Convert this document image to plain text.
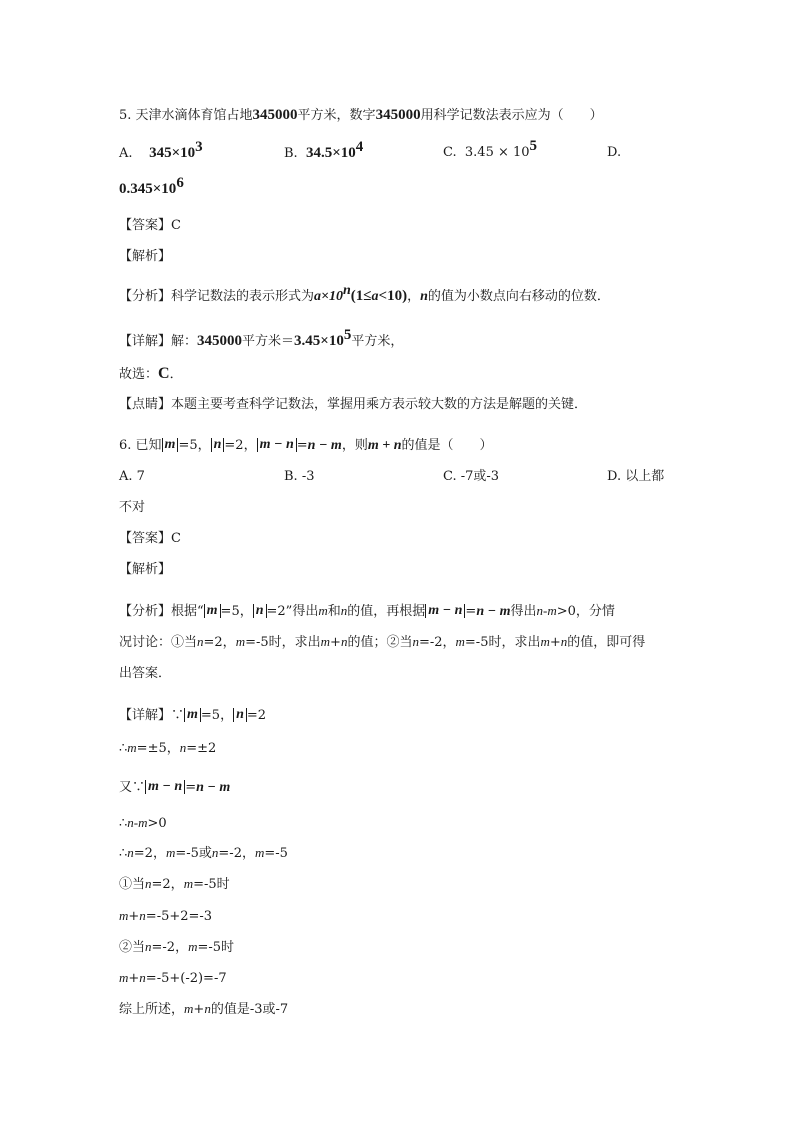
5. 天津水滴体育馆占地345000平方米，数字345000用科学记数法表示应为（　　）
A. $345\times 10^3$	B. $34.5\times 10^4$	C. $3.45 \times 10^5$	D.
$0.345\times 10^6$
【答案】C
【解析】
【分析】科学记数法的表示形式为$a\times 10^n(1\le a<10)$，n的值为小数点向右移动的位数．
【详解】解：345000平方米$=3.45\times 10^5$平方米，
故选：C．
【点睛】本题主要考查科学记数法，掌握用乘方表示较大数的方法是解题的关键．
6. 已知 m =5， n =2， m − n =n − m，则m + n的值是（　　）
A. 7	B. -3	C. -7或-3	D. 以上都
不对
【答案】C
【解析】
【分析】根据“ m =5， n =2”得出m和n的值，再根据 m − n =n − m得出n-m>0，分情
况讨论：①当n=2，m=-5时，求出m+n的值；②当n=-2，m=-5时，求出m+n的值，即可得
出答案．
【详解】∵ m =5， n =2
∴m=±5，n=±2
又∵ m − n =n − m
∴n-m>0
∴n=2，m=-5或n=-2，m=-5
①当n=2，m=-5时
m+n=-5+2=-3
②当n=-2，m=-5时
m+n=-5+(-2)=-7
综上所述，m+n的值是-3或-7
